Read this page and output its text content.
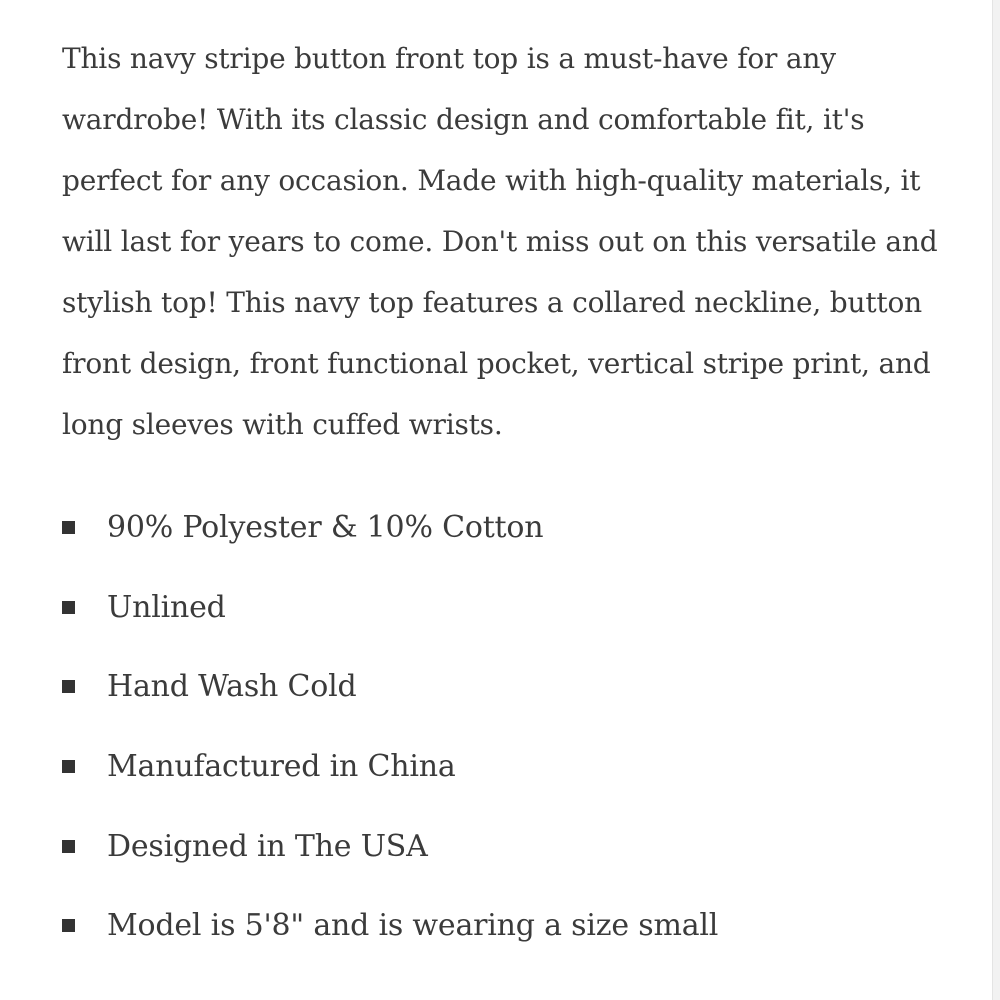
This navy stripe button front top is a must-have for any wardrobe! With its classic design and comfortable fit, it's perfect for any occasion. Made with high-quality materials, it will last for years to come. Don't miss out on this versatile and stylish top! This navy top features a collared neckline, button front design, front functional pocket, vertical stripe print, and long sleeves with cuffed wrists.

90% Polyester & 10% Cotton
Unlined
Hand Wash Cold
Manufactured in China
Designed in The USA
Model is 5'8" and is wearing a size small
